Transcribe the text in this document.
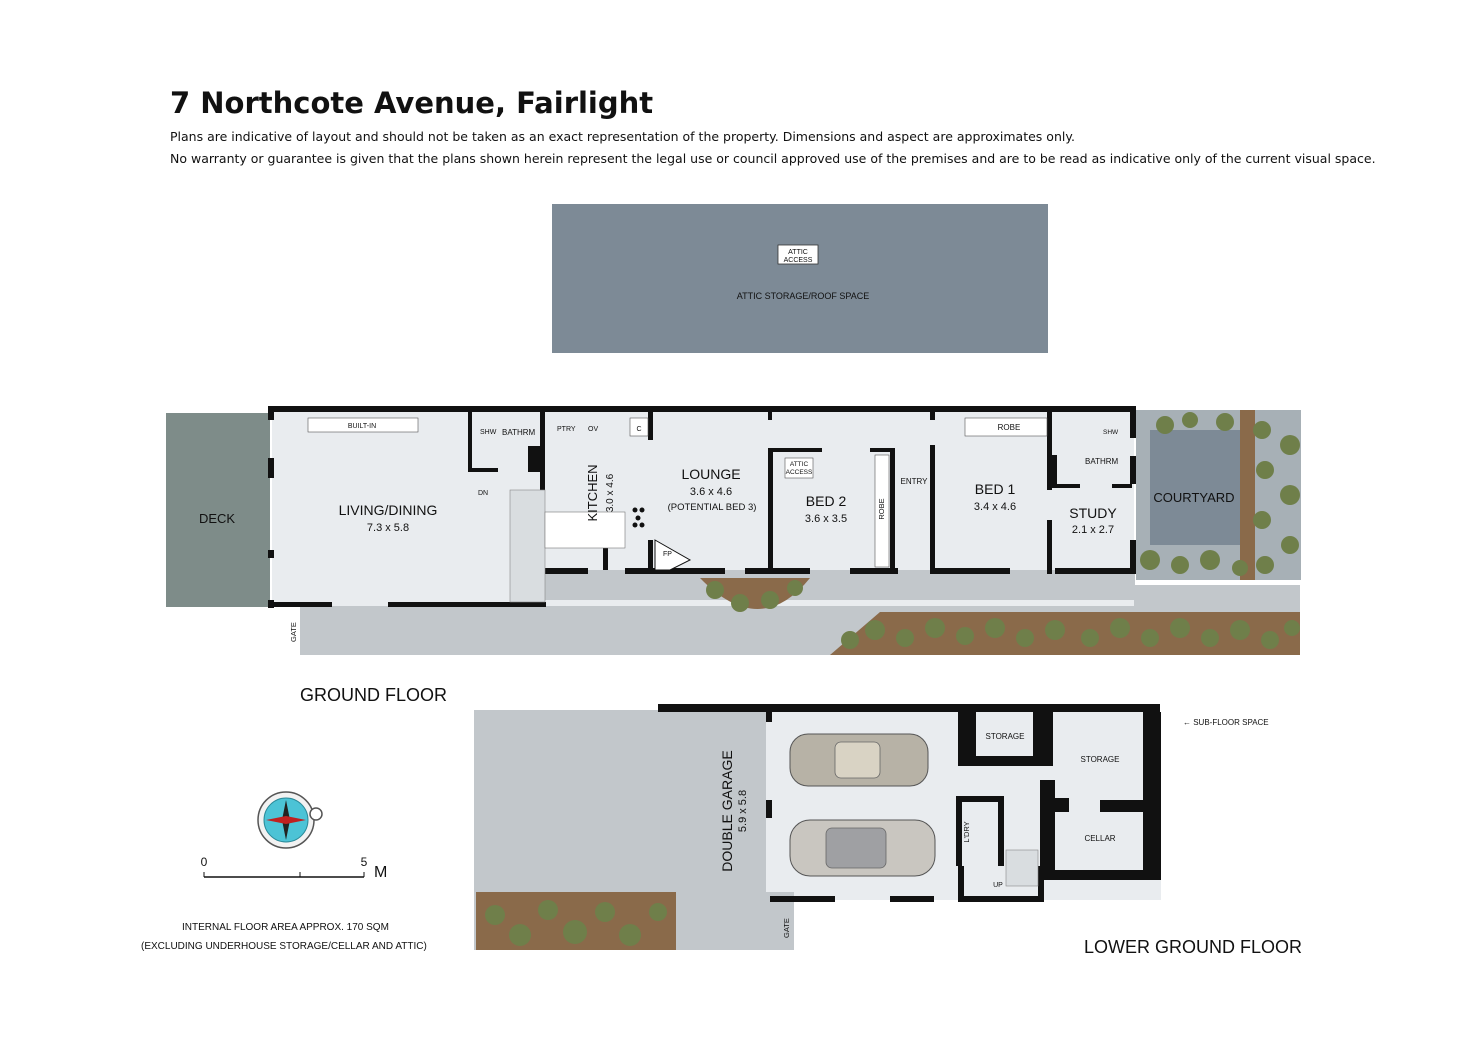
7 Northcote Avenue, Fairlight
Plans are indicative of layout and should not be taken as an exact representation of the property. Dimensions and aspect are approximates only.
No warranty or guarantee is given that the plans shown herein represent the legal use or council approved use of the premises and are to be read as indicative only of the current visual space.
ATTIC
ACCESS
ATTIC STORAGE/ROOF SPACE
DECK
COURTYARD
BUILT-IN
SHW BATHRM	PTRY OV	C
DN
FP
ROBE
ATTIC
ACCESS
LIVING/DINING
7.3 x 5.8
KITCHEN 3.0 x 4.6	LOUNGE
3.6 x 4.6
(POTENTIAL BED 3)	BED 2
3.6 x 3.5	ROBE
ENTRY	BED 1
3.4 x 4.6
SHW
BATHRM
STUDY
2.1 x 2.7
GATE
DOUBLE GARAGE 5.9 x 5.8
STORAGE
STORAGE
CELLAR
L'DRY
UP
GATE
← SUB-FLOOR SPACE
0	5
M
GROUND FLOOR
LOWER GROUND FLOOR
INTERNAL FLOOR AREA APPROX. 170 SQM
(EXCLUDING UNDERHOUSE STORAGE/CELLAR AND ATTIC)
